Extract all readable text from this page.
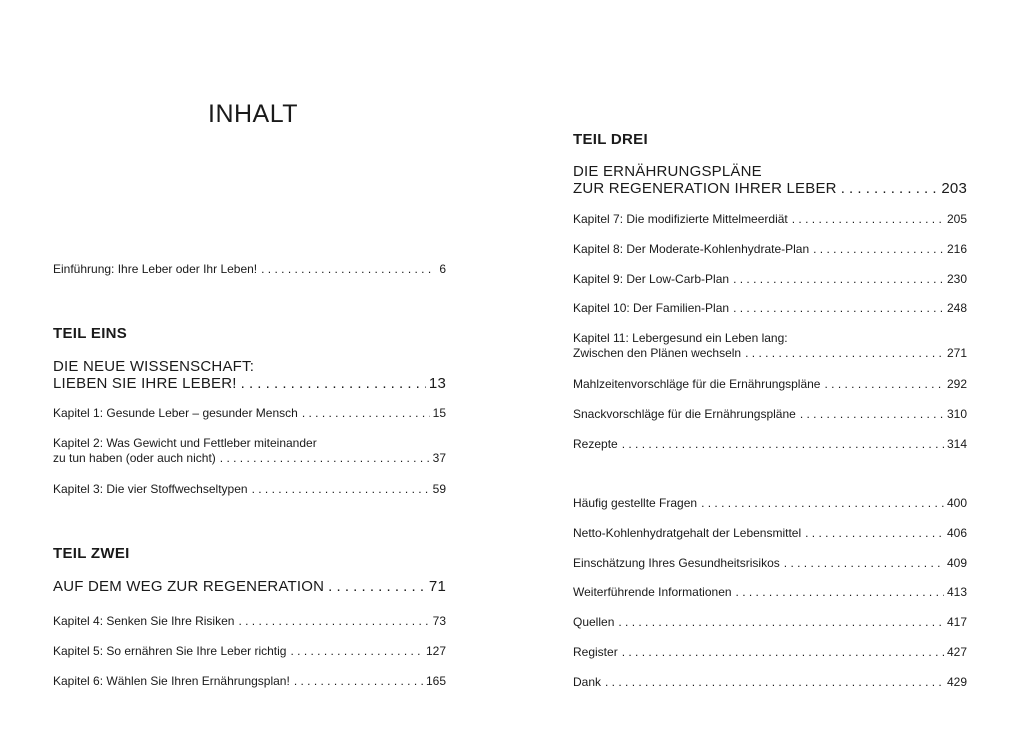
INHALT
Einführung: Ihre Leber oder Ihr Leben! . . .	6
TEIL EINS
DIE NEUE WISSENSCHAFT:
LIEBEN SIE IHRE LEBER! . . .	13
Kapitel 1: Gesunde Leber – gesunder Mensch . . .	15
Kapitel 2: Was Gewicht und Fettleber miteinander
zu tun haben (oder auch nicht) . . .	37
Kapitel 3: Die vier Stoffwechseltypen . . .	59
TEIL ZWEI
AUF DEM WEG ZUR REGENERATION . . .	71
Kapitel 4: Senken Sie Ihre Risiken . . .	73
Kapitel 5: So ernähren Sie Ihre Leber richtig . . .	127
Kapitel 6: Wählen Sie Ihren Ernährungsplan! . . .	165
TEIL DREI
DIE ERNÄHRUNGSPLÄNE
ZUR REGENERATION IHRER LEBER . . .	203
Kapitel 7: Die modifizierte Mittelmeerdiät . . .	205
Kapitel 8: Der Moderate-Kohlenhydrate-Plan . . .	216
Kapitel 9: Der Low-Carb-Plan . . .	230
Kapitel 10: Der Familien-Plan . . .	248
Kapitel 11: Lebergesund ein Leben lang:
Zwischen den Plänen wechseln . . .	271
Mahlzeitenvorschläge für die Ernährungspläne . . .	292
Snackvorschläge für die Ernährungspläne . . .	310
Rezepte . . .	314
Häufig gestellte Fragen . . .	400
Netto-Kohlenhydratgehalt der Lebensmittel . . .	406
Einschätzung Ihres Gesundheitsrisikos . . .	409
Weiterführende Informationen . . .	413
Quellen . . .	417
Register . . .	427
Dank . . .	429
